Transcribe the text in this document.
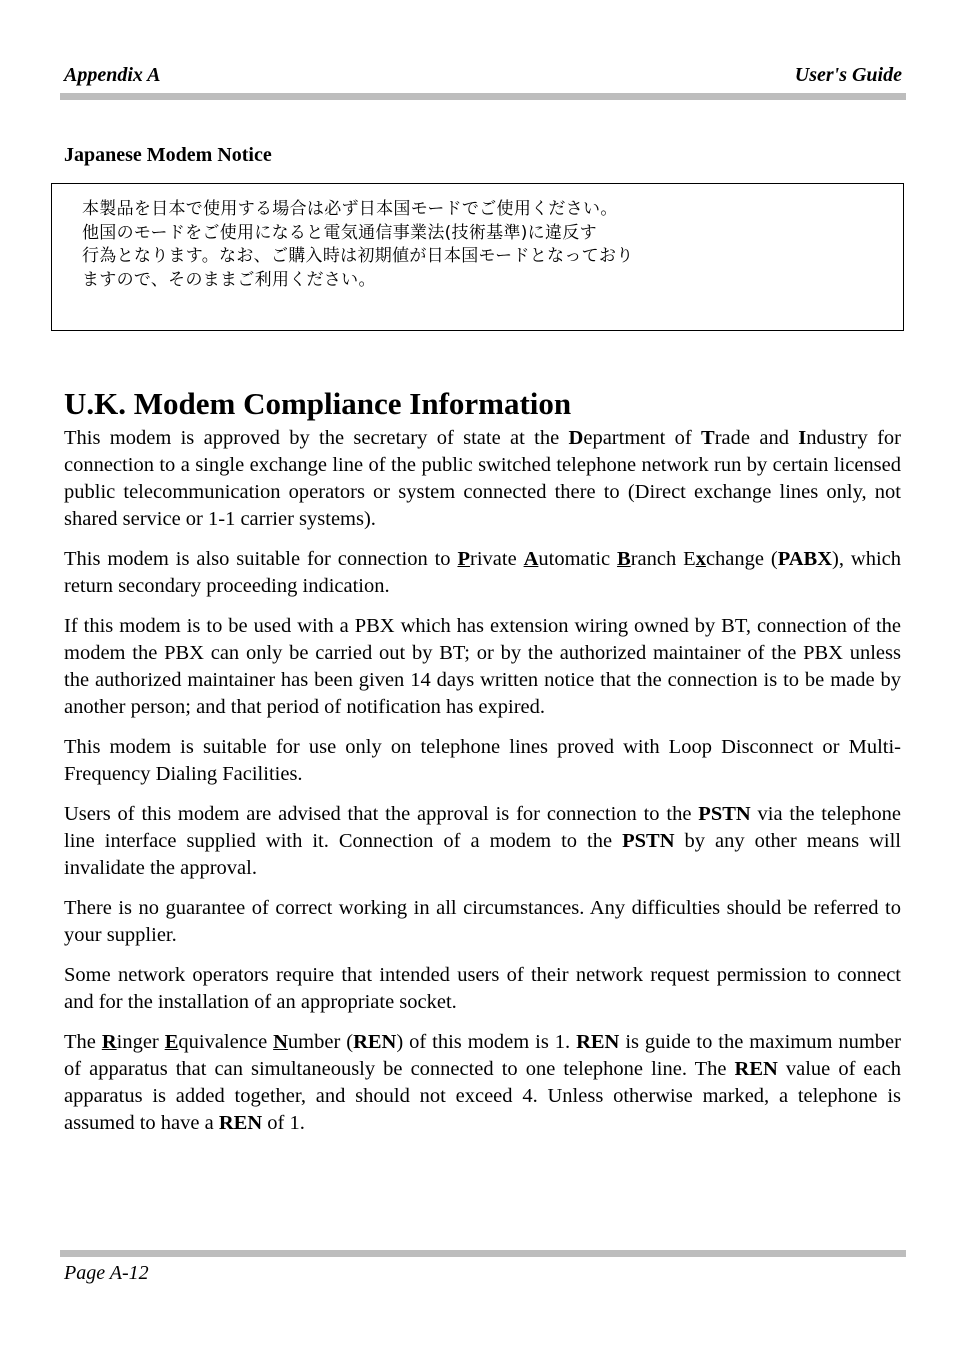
Appendix A	User's Guide
Japanese Modem Notice
本製品を日本で使用する場合は必ず日本国モードでご使用ください。
他国のモードをご使用になると電気通信事業法(技術基準)に違反す
行為となります。なお、ご購入時は初期値が日本国モードとなっており
ますので、そのままご利用ください。
U.K. Modem Compliance Information

This modem is approved by the secretary of state at the Department of Trade and Industry for connection to a single exchange line of the public switched telephone network run by certain licensed public telecommunication operators or system connected there to (Direct exchange lines only, not shared service or 1-1 carrier systems).

This modem is also suitable for connection to Private Automatic Branch Exchange (PABX), which return secondary proceeding indication.

If this modem is to be used with a PBX which has extension wiring owned by BT, connection of the modem the PBX can only be carried out by BT; or by the authorized maintainer of the PBX unless the authorized maintainer has been given 14 days written notice that the connection is to be made by another person; and that period of notification has expired.

This modem is suitable for use only on telephone lines proved with Loop Disconnect or Multi-Frequency Dialing Facilities.

Users of this modem are advised that the approval is for connection to the PSTN via the telephone line interface supplied with it. Connection of a modem to the PSTN by any other means will invalidate the approval.

There is no guarantee of correct working in all circumstances. Any difficulties should be referred to your supplier.

Some network operators require that intended users of their network request permission to connect and for the installation of an appropriate socket.

The Ringer Equivalence Number (REN) of this modem is 1. REN is guide to the maximum number of apparatus that can simultaneously be connected to one telephone line. The REN value of each apparatus is added together, and should not exceed 4. Unless otherwise marked, a telephone is assumed to have a REN of 1.

Page A-12
